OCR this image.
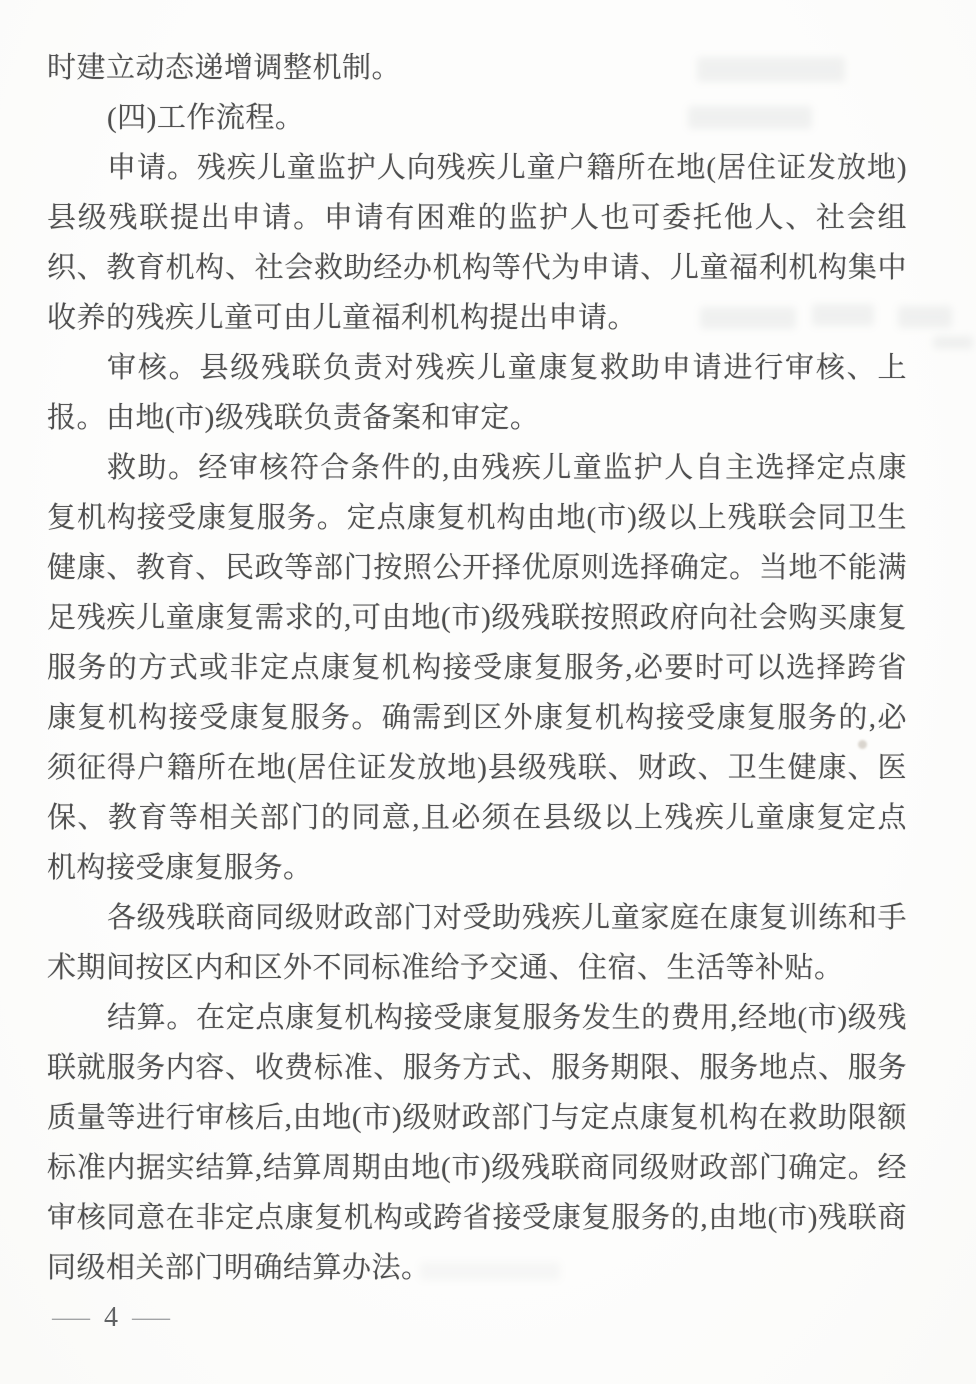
时建立动态递增调整机制。

(四)工作流程。

申请。残疾儿童监护人向残疾儿童户籍所在地(居住证发放地)县级残联提出申请。申请有困难的监护人也可委托他人、社会组织、教育机构、社会救助经办机构等代为申请、儿童福利机构集中收养的残疾儿童可由儿童福利机构提出申请。

审核。县级残联负责对残疾儿童康复救助申请进行审核、上报。由地(市)级残联负责备案和审定。

救助。经审核符合条件的,由残疾儿童监护人自主选择定点康复机构接受康复服务。定点康复机构由地(市)级以上残联会同卫生健康、教育、民政等部门按照公开择优原则选择确定。当地不能满足残疾儿童康复需求的,可由地(市)级残联按照政府向社会购买康复服务的方式或非定点康复机构接受康复服务,必要时可以选择跨省康复机构接受康复服务。确需到区外康复机构接受康复服务的,必须征得户籍所在地(居住证发放地)县级残联、财政、卫生健康、医保、教育等相关部门的同意,且必须在县级以上残疾儿童康复定点机构接受康复服务。

各级残联商同级财政部门对受助残疾儿童家庭在康复训练和手术期间按区内和区外不同标准给予交通、住宿、生活等补贴。

结算。在定点康复机构接受康复服务发生的费用,经地(市)级残联就服务内容、收费标准、服务方式、服务期限、服务地点、服务质量等进行审核后,由地(市)级财政部门与定点康复机构在救助限额标准内据实结算,结算周期由地(市)级残联商同级财政部门确定。经审核同意在非定点康复机构或跨省接受康复服务的,由地(市)残联商同级相关部门明确结算办法。

— 4 —
